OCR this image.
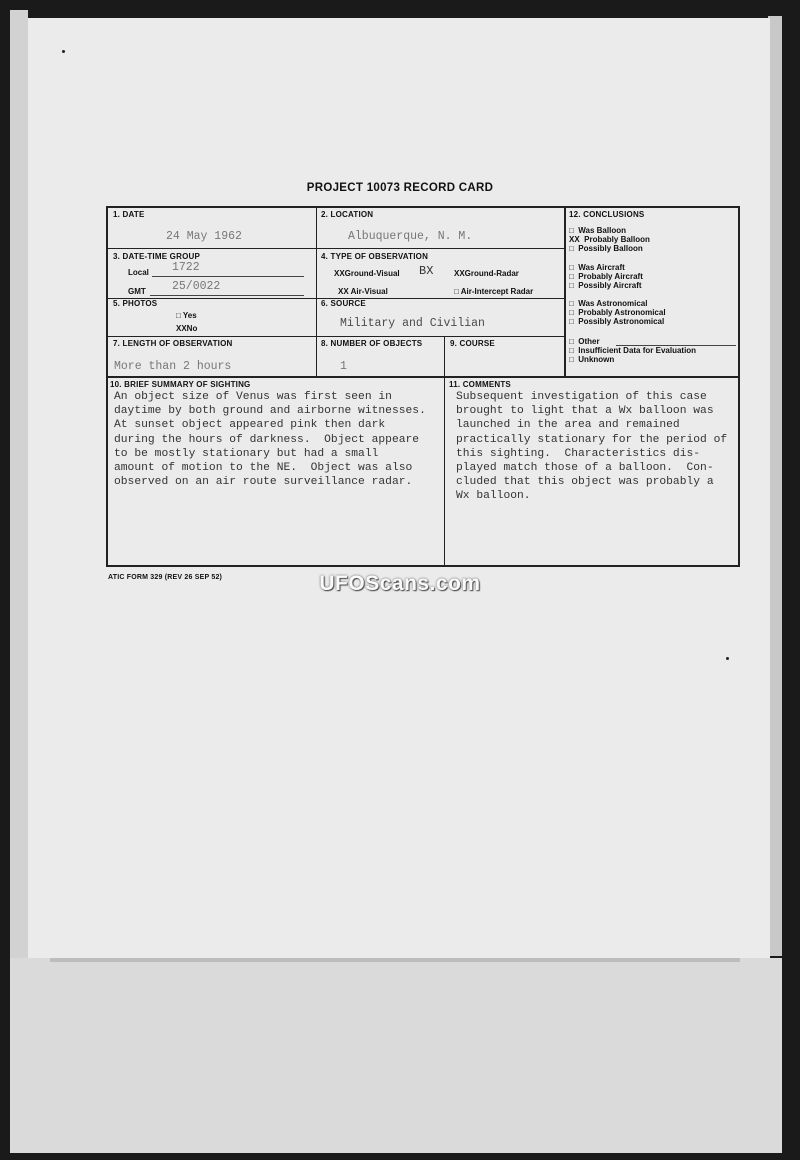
PROJECT 10073 RECORD CARD
1. DATE
24 May 1962
2. LOCATION
Albuquerque, N. M.
3. DATE-TIME GROUP
Local 1722
GMT 25/0022
4. TYPE OF OBSERVATION
XXGround-Visual BX	XXGround-Radar
XX Air-Visual	□ Air-Intercept Radar
5. PHOTOS
□ Yes
XXNo
6. SOURCE
Military and Civilian
7. LENGTH OF OBSERVATION
More than 2 hours
8. NUMBER OF OBJECTS
1
9. COURSE
12. CONCLUSIONS
□  Was Balloon
XX  Probably Balloon
□  Possibly Balloon
□  Was Aircraft
□  Probably Aircraft
□  Possibly Aircraft
□  Was Astronomical
□  Probably Astronomical
□  Possibly Astronomical
□  Other
□  Insufficient Data for Evaluation
□  Unknown
10. BRIEF SUMMARY OF SIGHTING
An object size of Venus was first seen in
daytime by both ground and airborne witnesses.
At sunset object appeared pink then dark
during the hours of darkness.  Object appeare
to be mostly stationary but had a small
amount of motion to the NE.  Object was also
observed on an air route surveillance radar.
11. COMMENTS
Subsequent investigation of this case
brought to light that a Wx balloon was
launched in the area and remained
practically stationary for the period of
this sighting.  Characteristics dis-
played match those of a balloon.  Con-
cluded that this object was probably a
Wx balloon.
ATIC FORM 329 (REV 26 SEP 52)	UFOScans.com
